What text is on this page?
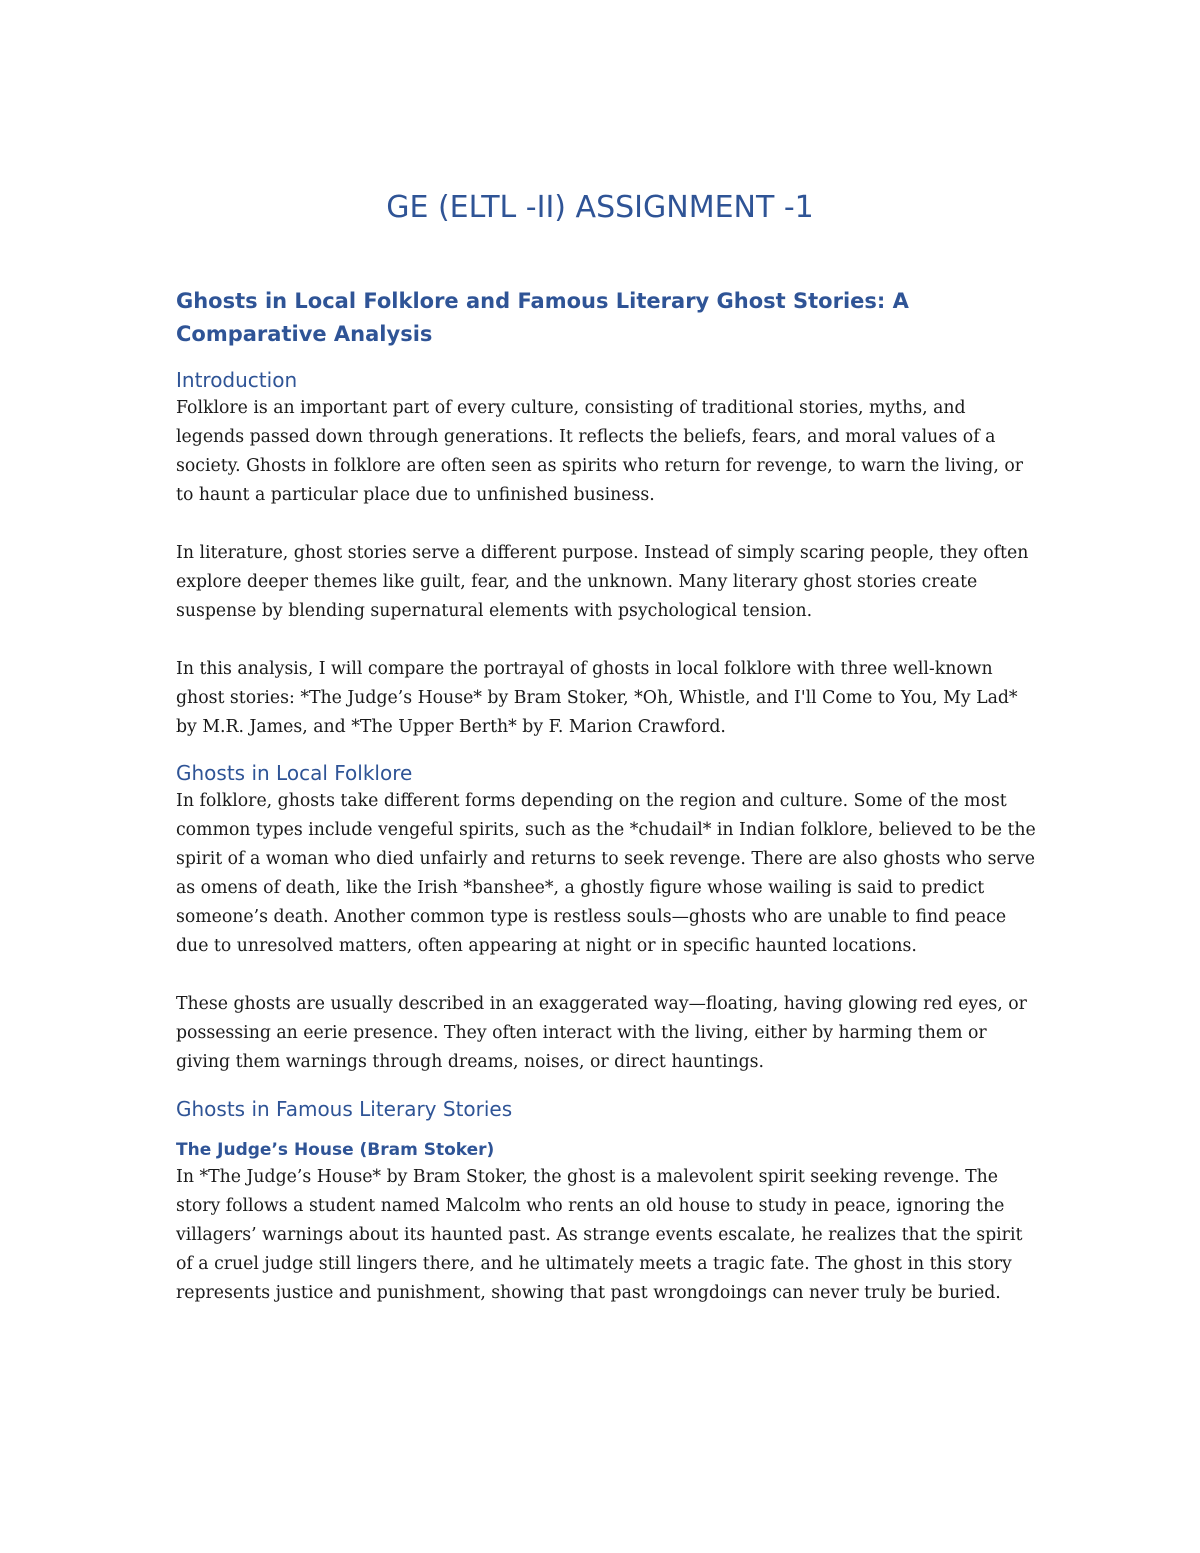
GE (ELTL -II) ASSIGNMENT -1
Ghosts in Local Folklore and Famous Literary Ghost Stories: A Comparative Analysis
Introduction

Folklore is an important part of every culture, consisting of traditional stories, myths, and legends passed down through generations. It reflects the beliefs, fears, and moral values of a society. Ghosts in folklore are often seen as spirits who return for revenge, to warn the living, or to haunt a particular place due to unfinished business.

In literature, ghost stories serve a different purpose. Instead of simply scaring people, they often explore deeper themes like guilt, fear, and the unknown. Many literary ghost stories create suspense by blending supernatural elements with psychological tension.

In this analysis, I will compare the portrayal of ghosts in local folklore with three well-known ghost stories: *The Judge’s House* by Bram Stoker, *Oh, Whistle, and I'll Come to You, My Lad* by M.R. James, and *The Upper Berth* by F. Marion Crawford.

Ghosts in Local Folklore

In folklore, ghosts take different forms depending on the region and culture. Some of the most common types include vengeful spirits, such as the *chudail* in Indian folklore, believed to be the spirit of a woman who died unfairly and returns to seek revenge. There are also ghosts who serve as omens of death, like the Irish *banshee*, a ghostly figure whose wailing is said to predict someone’s death. Another common type is restless souls—ghosts who are unable to find peace due to unresolved matters, often appearing at night or in specific haunted locations.

These ghosts are usually described in an exaggerated way—floating, having glowing red eyes, or possessing an eerie presence. They often interact with the living, either by harming them or giving them warnings through dreams, noises, or direct hauntings.

Ghosts in Famous Literary Stories
The Judge’s House (Bram Stoker)

In *The Judge’s House* by Bram Stoker, the ghost is a malevolent spirit seeking revenge. The story follows a student named Malcolm who rents an old house to study in peace, ignoring the villagers’ warnings about its haunted past. As strange events escalate, he realizes that the spirit of a cruel judge still lingers there, and he ultimately meets a tragic fate. The ghost in this story represents justice and punishment, showing that past wrongdoings can never truly be buried.
